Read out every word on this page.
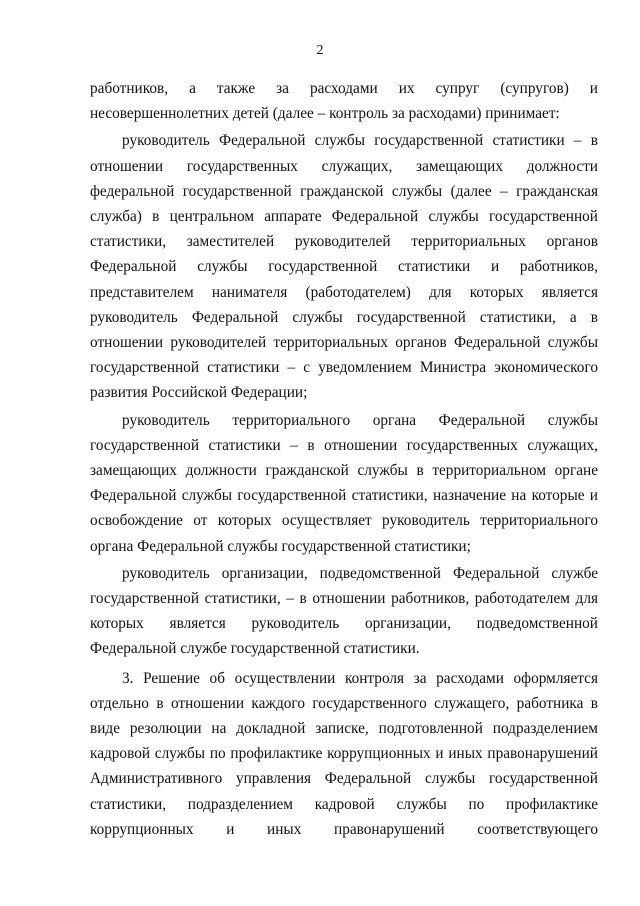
2

работников, а также за расходами их супруг (супругов) и несовершеннолетних детей (далее – контроль за расходами) принимает:

руководитель Федеральной службы государственной статистики – в отношении государственных служащих, замещающих должности федеральной государственной гражданской службы (далее – гражданская служба) в центральном аппарате Федеральной службы государственной статистики, заместителей руководителей территориальных органов Федеральной службы государственной статистики и работников, представителем нанимателя (работодателем) для которых является руководитель Федеральной службы государственной статистики, а в отношении руководителей территориальных органов Федеральной службы государственной статистики – с уведомлением Министра экономического развития Российской Федерации;

руководитель территориального органа Федеральной службы государственной статистики – в отношении государственных служащих, замещающих должности гражданской службы в территориальном органе Федеральной службы государственной статистики, назначение на которые и освобождение от которых осуществляет руководитель территориального органа Федеральной службы государственной статистики;

руководитель организации, подведомственной Федеральной службе государственной статистики, – в отношении работников, работодателем для которых является руководитель организации, подведомственной Федеральной службе государственной статистики.

3. Решение об осуществлении контроля за расходами оформляется отдельно в отношении каждого государственного служащего, работника в виде резолюции на докладной записке, подготовленной подразделением кадровой службы по профилактике коррупционных и иных правонарушений Административного управления Федеральной службы государственной статистики, подразделением кадровой службы по профилактике коррупционных и иных правонарушений соответствующего
